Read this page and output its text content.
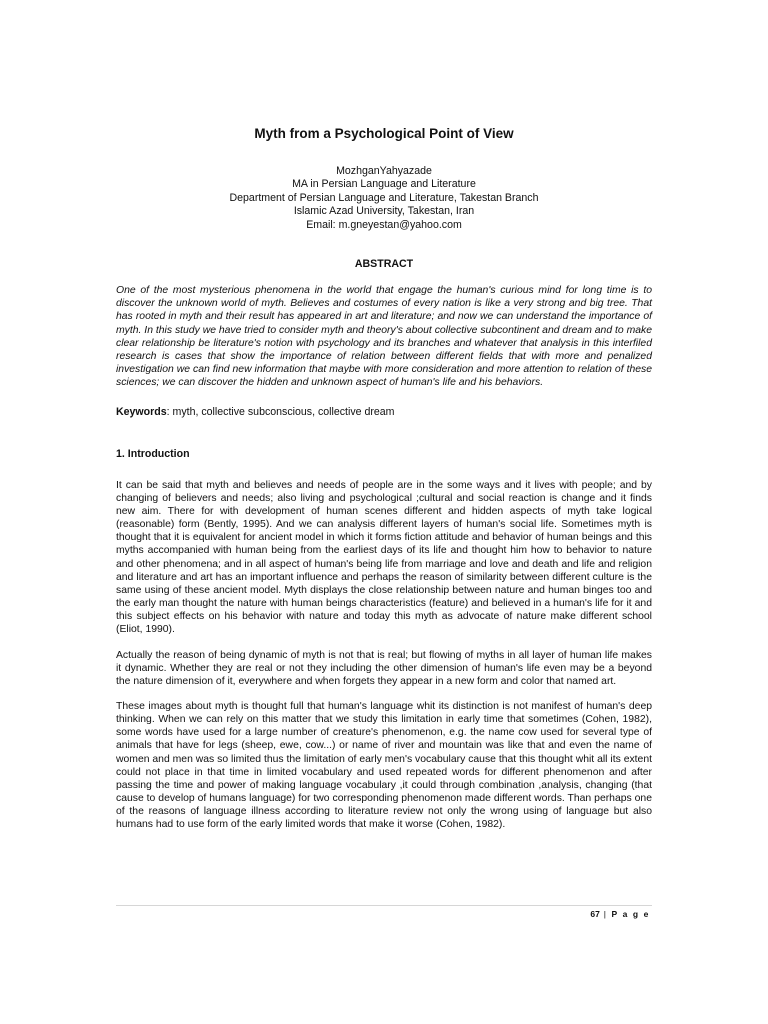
Myth from a Psychological Point of View
MozhganYahyazade
MA in Persian Language and Literature
Department of Persian Language and Literature, Takestan Branch
Islamic Azad University, Takestan, Iran
Email: m.gneyestan@yahoo.com
ABSTRACT

One of the most mysterious phenomena in the world that engage the human's curious mind for long time is to discover the unknown world of myth. Believes and costumes of every nation is like a very strong and big tree. That has rooted in myth and their result has appeared in art and literature; and now we can understand the importance of myth. In this study we have tried to consider myth and theory's about collective subcontinent and dream and to make clear relationship be literature's notion with psychology and its branches and whatever that analysis in this interfiled research is cases that show the importance of relation between different fields that with more and penalized investigation we can find new information that maybe with more consideration and more attention to relation of these sciences; we can discover the hidden and unknown aspect of human's life and his behaviors.

Keywords: myth, collective subconscious, collective dream

1. Introduction

It can be said that myth and believes and needs of people are in the some ways and it lives with people; and by changing of believers and needs; also living and psychological ;cultural and social reaction is change and it finds new aim. There for with development of human scenes different and hidden aspects of myth take logical (reasonable) form (Bently, 1995). And we can analysis different layers of human's social life. Sometimes myth is thought that it is equivalent for ancient model in which it forms fiction attitude and behavior of human beings and this myths accompanied with human being from the earliest days of its life and thought him how to behavior to nature and other phenomena; and in all aspect of human's being life from marriage and love and death and life and religion and literature and art has an important influence and perhaps the reason of similarity between different culture is the same using of these ancient model. Myth displays the close relationship between nature and human binges too and the early man thought the nature with human beings characteristics (feature) and believed in a human's life for it and this subject effects on his behavior with nature and today this myth as advocate of nature make different school (Eliot, 1990).

Actually the reason of being dynamic of myth is not that is real; but flowing of myths in all layer of human life makes it dynamic. Whether they are real or not they including the other dimension of human's life even may be a beyond the nature dimension of it, everywhere and when forgets they appear in a new form and color that named art.

These images about myth is thought full that human's language whit its distinction is not manifest of human's deep thinking. When we can rely on this matter that we study this limitation in early time that sometimes (Cohen, 1982), some words have used for a large number of creature's phenomenon, e.g. the name cow used for several type of animals that have for legs (sheep, ewe, cow...) or name of river and mountain was like that and even the name of women and men was so limited thus the limitation of early men's vocabulary cause that this thought whit all its extent could not place in that time in limited vocabulary and used repeated words for different phenomenon and after passing the time and power of making language vocabulary ,it could through combination ,analysis, changing (that cause to develop of humans language) for two corresponding phenomenon made different words. Than perhaps one of the reasons of language illness according to literature review not only the wrong using of language but also humans had to use form of the early limited words that make it worse (Cohen, 1982).

67 | P a g e
